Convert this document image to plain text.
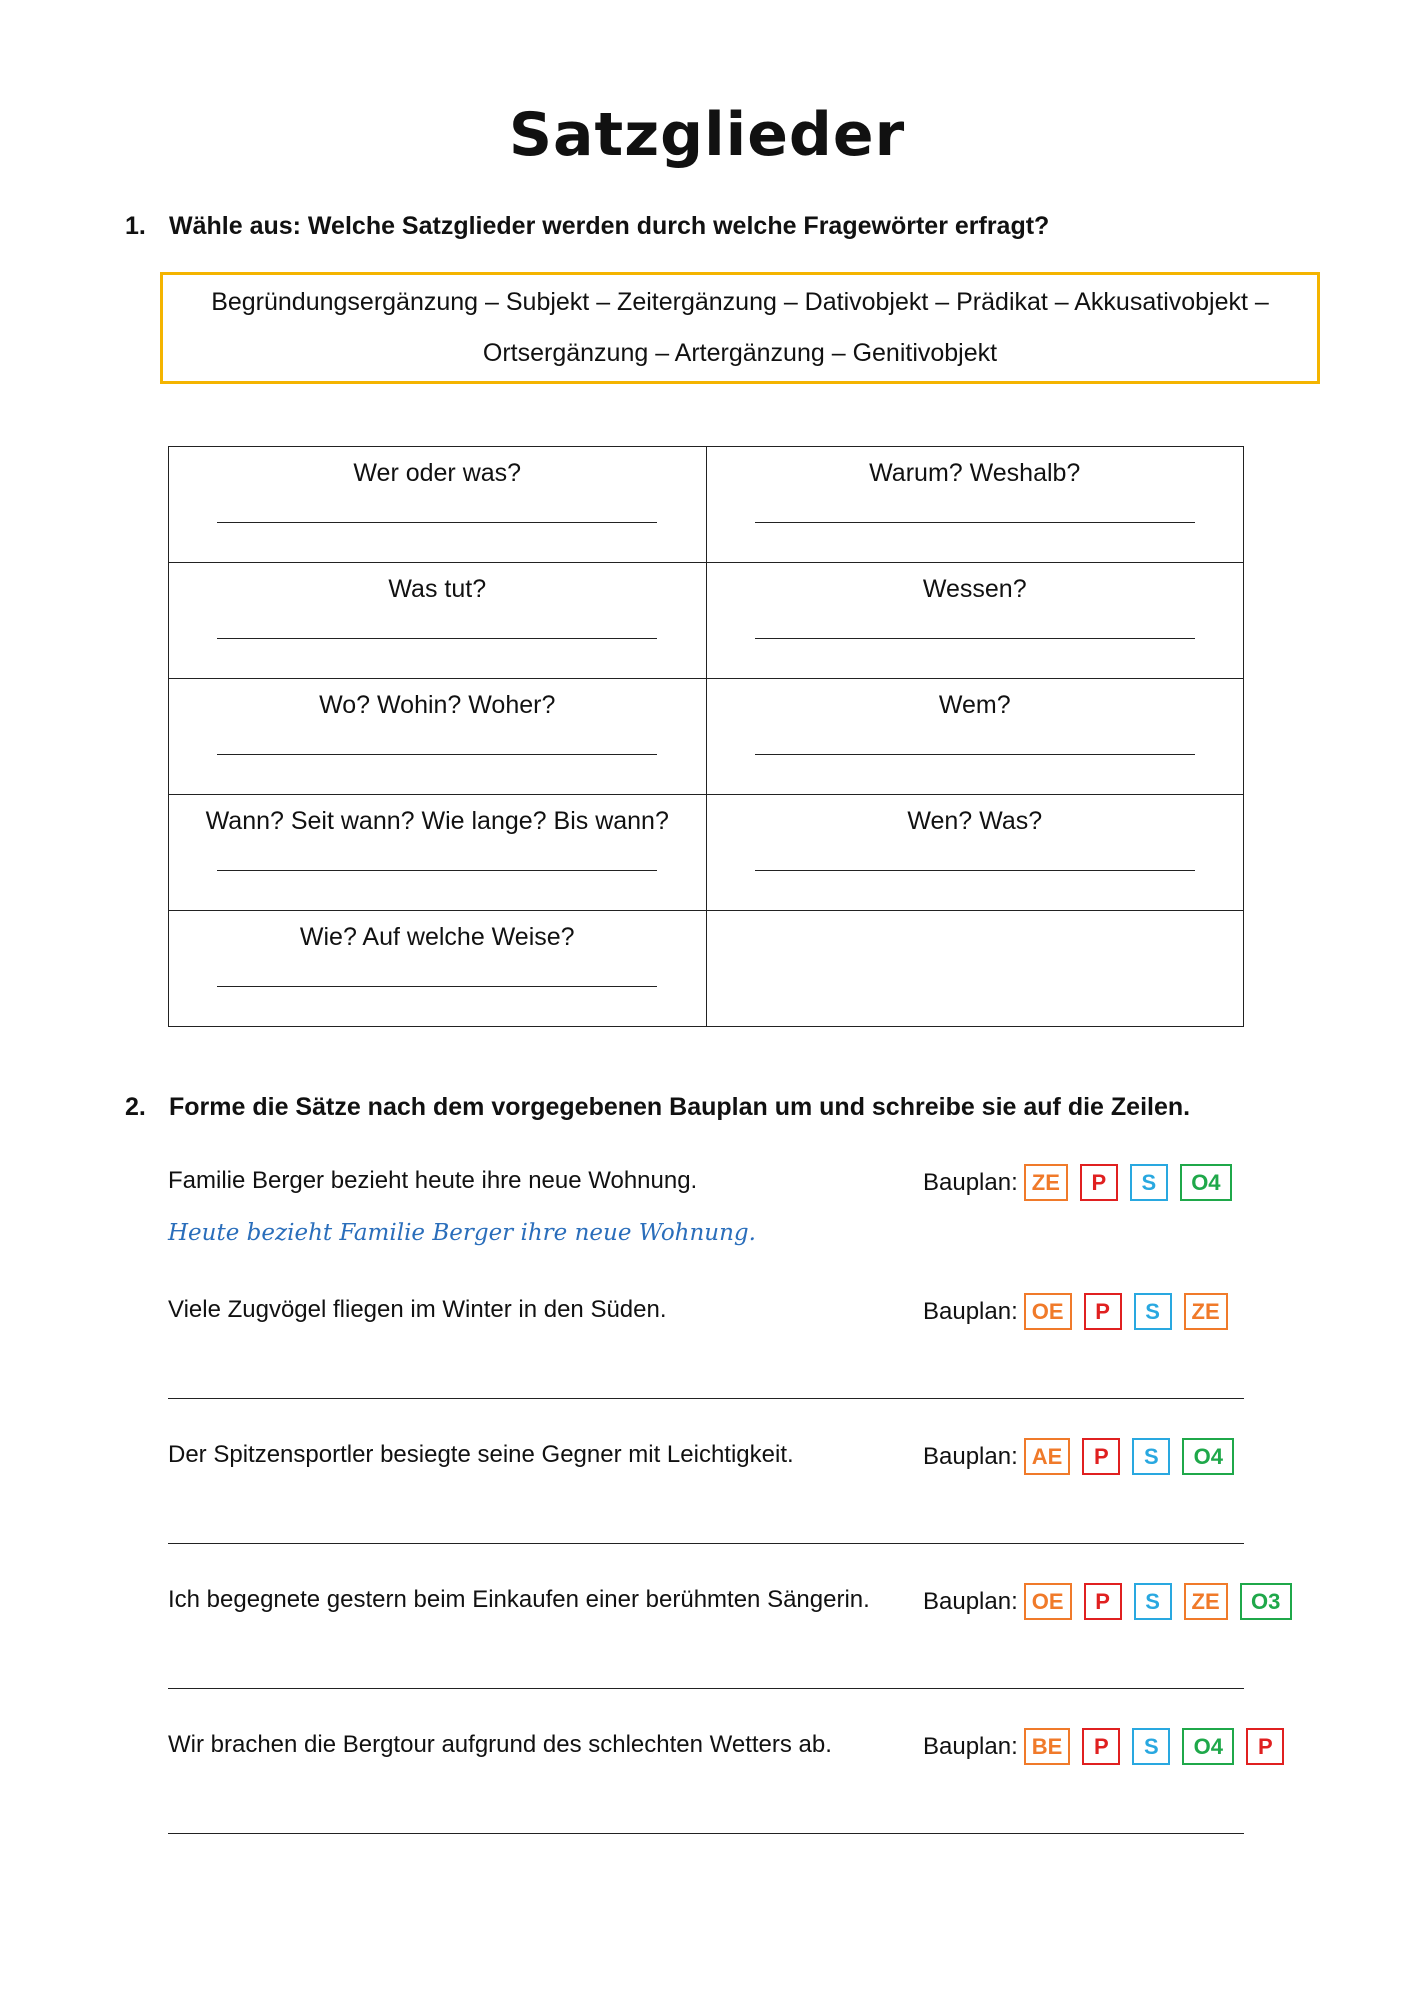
Satzglieder
1. Wähle aus: Welche Satzglieder werden durch welche Fragewörter erfragt?
Begründungsergänzung – Subjekt – Zeitergänzung – Dativobjekt – Prädikat – Akkusativobjekt –
Ortsergänzung – Artergänzung – Genitivobjekt
Wer oder was?	Warum? Weshalb?

Was tut?	Wessen?

Wo? Wohin? Woher?	Wem?

Wann? Seit wann? Wie lange? Bis wann?	Wen? Was?

Wie? Auf welche Weise?	

2. Forme die Sätze nach dem vorgegebenen Bauplan um und schreibe sie auf die Zeilen.
Familie Berger bezieht heute ihre neue Wohnung.	Bauplan: ZE	P	S	O4
Heute bezieht Familie Berger ihre neue Wohnung.
Viele Zugvögel fliegen im Winter in den Süden.	Bauplan: OE	P	S	ZE
Der Spitzensportler besiegte seine Gegner mit Leichtigkeit.	Bauplan: AE	P	S	O4
Ich begegnete gestern beim Einkaufen einer berühmten Sängerin. Bauplan: OE	P	S	ZE	O3
Wir brachen die Bergtour aufgrund des schlechten Wetters ab.	Bauplan: BE	P	S	O4	P
